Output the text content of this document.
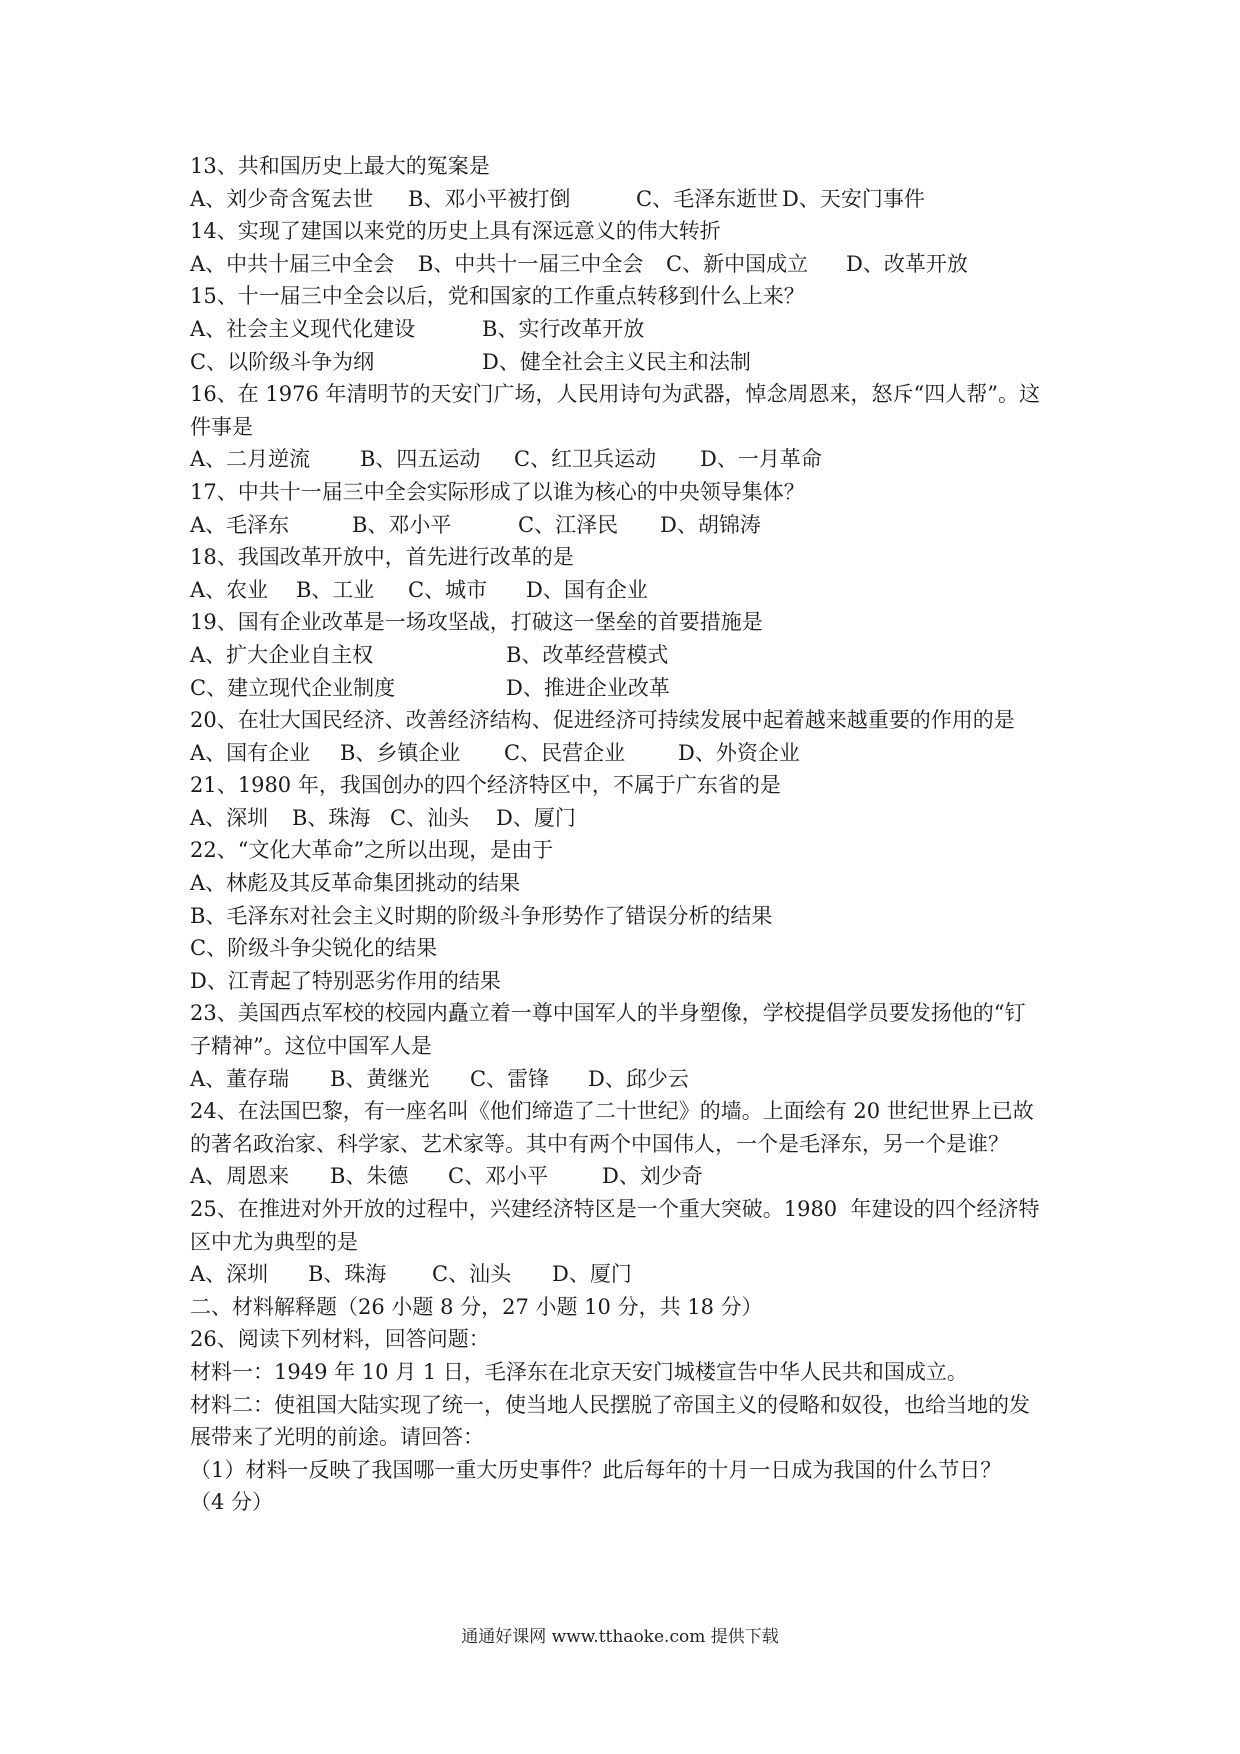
13、共和国历史上最大的冤案是
A、刘少奇含冤去世	B、邓小平被打倒	C、毛泽东逝世 D、天安门事件
14、实现了建国以来党的历史上具有深远意义的伟大转折
A、中共十届三中全会	B、中共十一届三中全会	C、新中国成立	D、改革开放
15、十一届三中全会以后，党和国家的工作重点转移到什么上来？
A、社会主义现代化建设	B、实行改革开放
C、以阶级斗争为纲	D、健全社会主义民主和法制
16、在 1976 年清明节的天安门广场，人民用诗句为武器，悼念周恩来，怒斥“四人帮”。这
件事是
A、二月逆流	B、四五运动	C、红卫兵运动	D、一月革命
17、中共十一届三中全会实际形成了以谁为核心的中央领导集体？
A、毛泽东	B、邓小平	C、江泽民	D、胡锦涛
18、我国改革开放中，首先进行改革的是
A、农业	B、工业	C、城市	D、国有企业
19、国有企业改革是一场攻坚战，打破这一堡垒的首要措施是
A、扩大企业自主权	B、改革经营模式
C、建立现代企业制度	D、推进企业改革
20、在壮大国民经济、改善经济结构、促进经济可持续发展中起着越来越重要的作用的是
A、国有企业	B、乡镇企业	C、民营企业	D、外资企业
21、1980 年，我国创办的四个经济特区中，不属于广东省的是
A、深圳	B、珠海 C、汕头	D、厦门
22、“文化大革命”之所以出现，是由于
A、林彪及其反革命集团挑动的结果
B、毛泽东对社会主义时期的阶级斗争形势作了错误分析的结果
C、阶级斗争尖锐化的结果
D、江青起了特别恶劣作用的结果
23、美国西点军校的校园内矗立着一尊中国军人的半身塑像，学校提倡学员要发扬他的“钉
子精神”。这位中国军人是
A、董存瑞	B、黄继光	C、雷锋	D、邱少云
24、在法国巴黎，有一座名叫《他们缔造了二十世纪》的墙。上面绘有 20 世纪世界上已故
的著名政治家、科学家、艺术家等。其中有两个中国伟人，一个是毛泽东，另一个是谁？
A、周恩来	B、朱德	C、邓小平	D、刘少奇
25、在推进对外开放的过程中，兴建经济特区是一个重大突破。1980  年建设的四个经济特
区中尤为典型的是
A、深圳	B、珠海	C、汕头	D、厦门
二、材料解释题（26 小题 8 分，27 小题 10 分，共 18 分）
26、阅读下列材料，回答问题：
材料一：1949 年 10 月 1 日，毛泽东在北京天安门城楼宣告中华人民共和国成立。
材料二：使祖国大陆实现了统一，使当地人民摆脱了帝国主义的侵略和奴役，也给当地的发
展带来了光明的前途。请回答：
（1）材料一反映了我国哪一重大历史事件？此后每年的十月一日成为我国的什么节日？
（4 分）
通通好课网 www.tthaoke.com 提供下载
